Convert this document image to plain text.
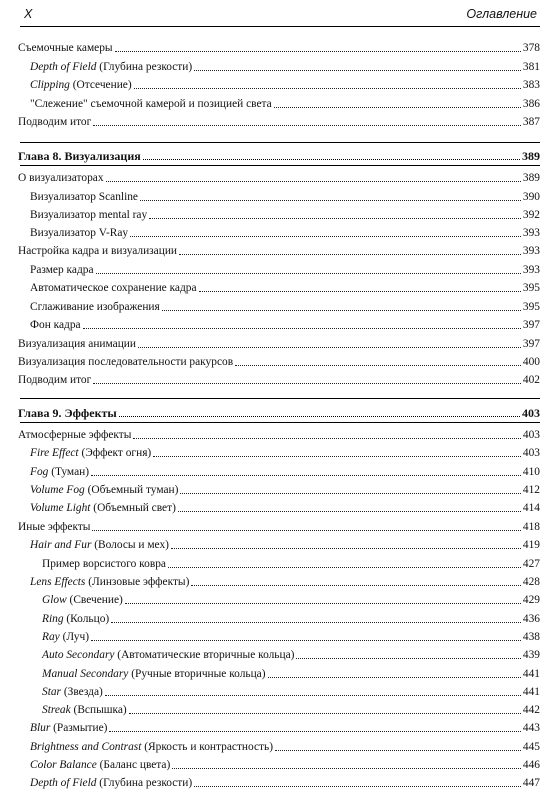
X	Оглавление
Съемочные камеры	378
Depth of Field (Глубина резкости)	381
Clipping (Отсечение)	383
"Слежение" съемочной камерой и позицией света	386
Подводим итог	387
Глава 8. Визуализация	389
О визуализаторах	389
Визуализатор Scanline	390
Визуализатор mental ray	392
Визуализатор V-Ray	393
Настройка кадра и визуализации	393
Размер кадра	393
Автоматическое сохранение кадра	395
Сглаживание изображения	395
Фон кадра	397
Визуализация анимации	397
Визуализация последовательности ракурсов	400
Подводим итог	402
Глава 9. Эффекты	403
Атмосферные эффекты	403
Fire Effect (Эффект огня)	403
Fog (Туман)	410
Volume Fog (Объемный туман)	412
Volume Light (Объемный свет)	414
Иные эффекты	418
Hair and Fur (Волосы и мех)	419
Пример ворсистого ковра	427
Lens Effects (Линзовые эффекты)	428
Glow (Свечение)	429
Ring (Кольцо)	436
Ray (Луч)	438
Auto Secondary (Автоматические вторичные кольца)	439
Manual Secondary (Ручные вторичные кольца)	441
Star (Звезда)	441
Streak (Вспышка)	442
Blur (Размытие)	443
Brightness and Contrast (Яркость и контрастность)	445
Color Balance (Баланс цвета)	446
Depth of Field (Глубина резкости)	447
